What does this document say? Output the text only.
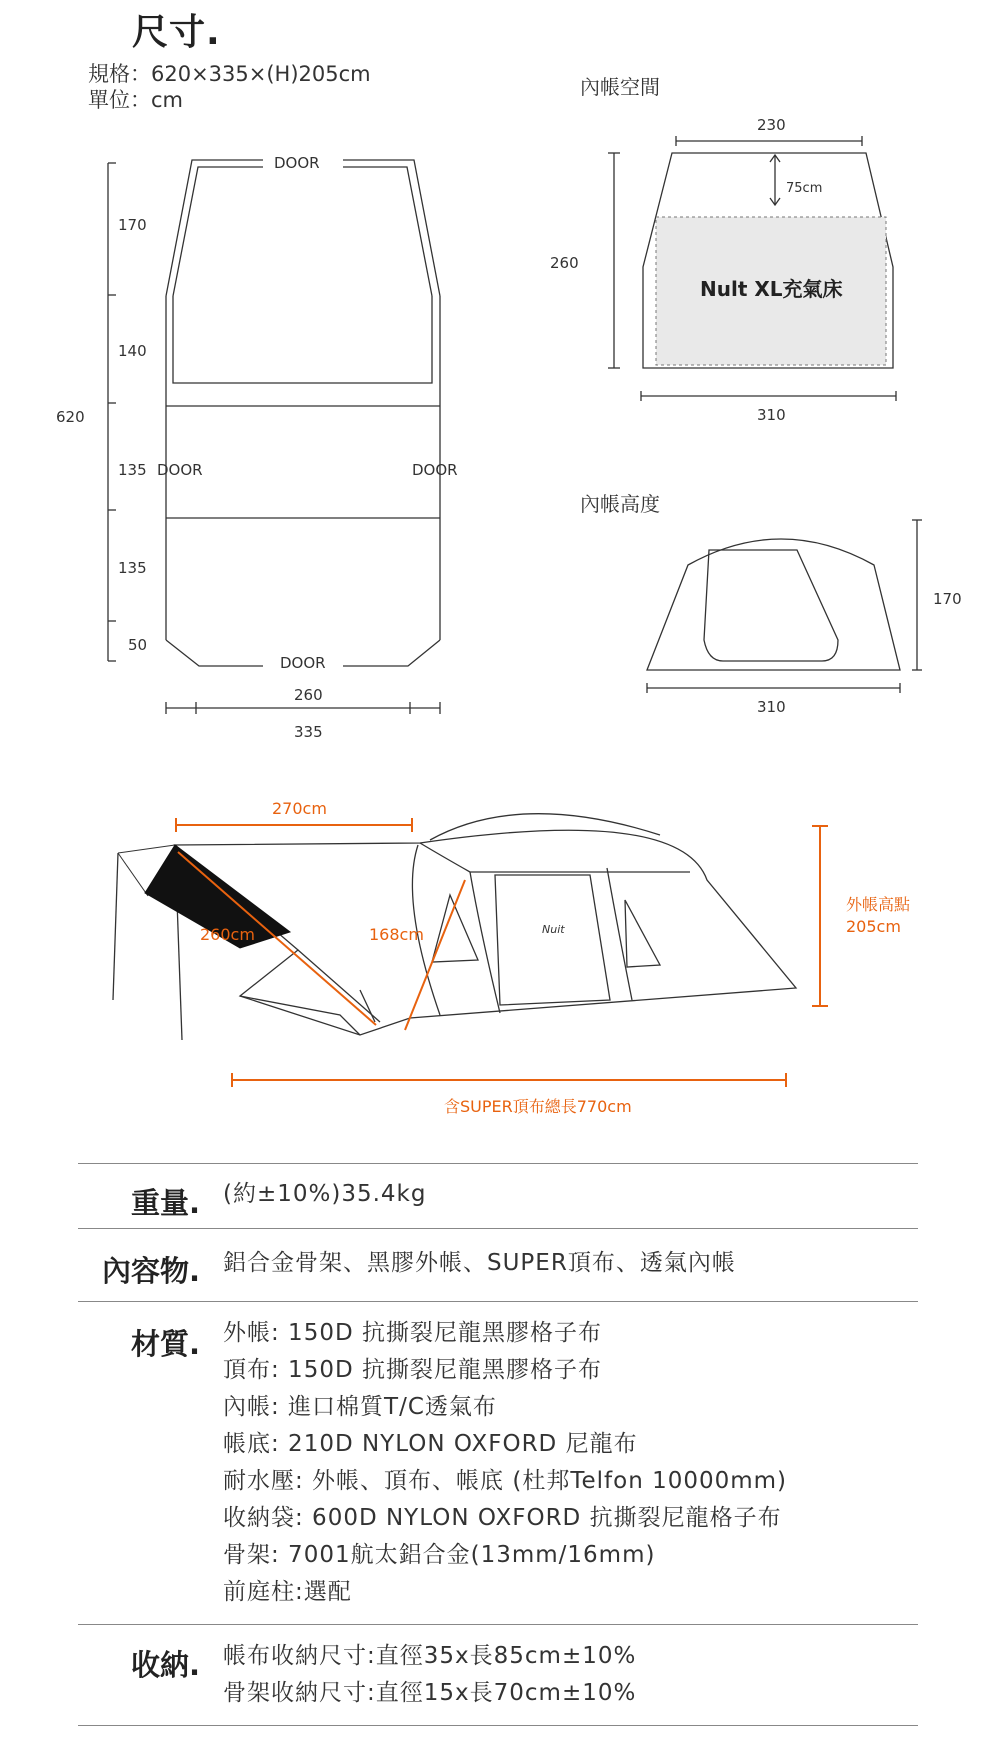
尺寸.
規格：620×335×(H)205cm
單位：cm
DOOR
DOOR	DOOR
DOOR
170
140
135
135
50
620
260
335
230
75cm
260
310
170
310
Nuit
Nult XL充氣床
270cm
260cm	168cm
外帳高點
205cm
含SUPER頂布總長770cm
內帳空間
內帳高度
重量. (約±10%)35.4kg
內容物. 鋁合金骨架、黑膠外帳、SUPER頂布、透氣內帳
材質. 外帳: 150D 抗撕裂尼龍黑膠格子布
頂布: 150D 抗撕裂尼龍黑膠格子布
內帳: 進口棉質T/C透氣布
帳底: 210D NYLON OXFORD 尼龍布
耐水壓: 外帳、頂布、帳底 (杜邦Telfon 10000mm)
收納袋: 600D NYLON OXFORD 抗撕裂尼龍格子布
骨架: 7001航太鋁合金(13mm/16mm)
前庭柱:選配
收納. 帳布收納尺寸:直徑35x長85cm±10%
骨架收納尺寸:直徑15x長70cm±10%
